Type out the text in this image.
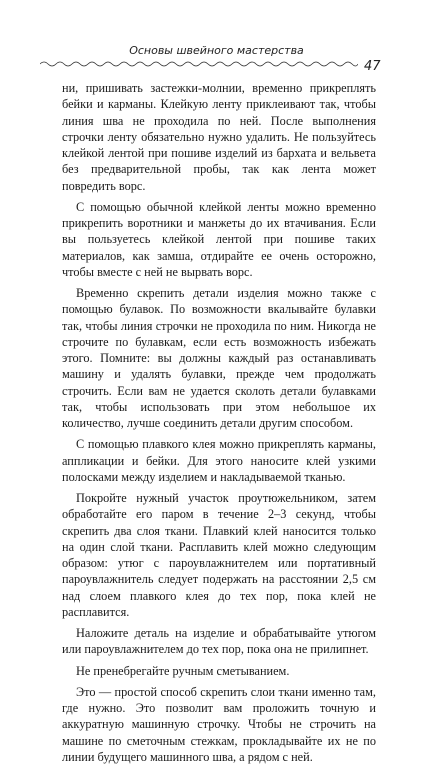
Основы швейного мастерства
47

ни, пришивать застежки-молнии, временно прикреплять бейки и карманы. Клейкую ленту приклеивают так, чтобы линия шва не проходила по ней. После выполнения строчки ленту обязательно нужно удалить. Не пользуйтесь клейкой лентой при пошиве изделий из бархата и вельвета без предварительной пробы, так как лента может повредить ворс.

С помощью обычной клейкой ленты можно временно прикрепить воротники и манжеты до их втачивания. Если вы пользуетесь клейкой лентой при пошиве таких материалов, как замша, отдирайте ее очень осторожно, чтобы вместе с ней не вырвать ворс.

Временно скрепить детали изделия можно также с помощью булавок. По возможности вкалывайте булавки так, чтобы линия строчки не проходила по ним. Никогда не строчите по булавкам, если есть возможность избежать этого. Помните: вы должны каждый раз останавливать машину и удалять булавки, прежде чем продолжать строчить. Если вам не удается сколоть детали булавками так, чтобы использовать при этом небольшое их количество, лучше соединить детали другим способом.

С помощью плавкого клея можно прикреплять карманы, аппликации и бейки. Для этого наносите клей узкими полосками между изделием и накладываемой тканью.

Покройте нужный участок проутюжельником, затем обработайте его паром в течение 2–3 секунд, чтобы скрепить два слоя ткани. Плавкий клей наносится только на один слой ткани. Расплавить клей можно следующим образом: утюг с пароувлажнителем или портативный пароувлажнитель следует подержать на расстоянии 2,5 см над слоем плавкого клея до тех пор, пока клей не расплавится.

Наложите деталь на изделие и обрабатывайте утюгом или пароувлажнителем до тех пор, пока она не прилипнет.

Не пренебрегайте ручным сметыванием.

Это — простой способ скрепить слои ткани именно там, где нужно. Это позволит вам проложить точную и аккуратную машинную строчку. Чтобы не строчить на машине по сметочным стежкам, прокладывайте их не по линии будущего машинного шва, а рядом с ней.
